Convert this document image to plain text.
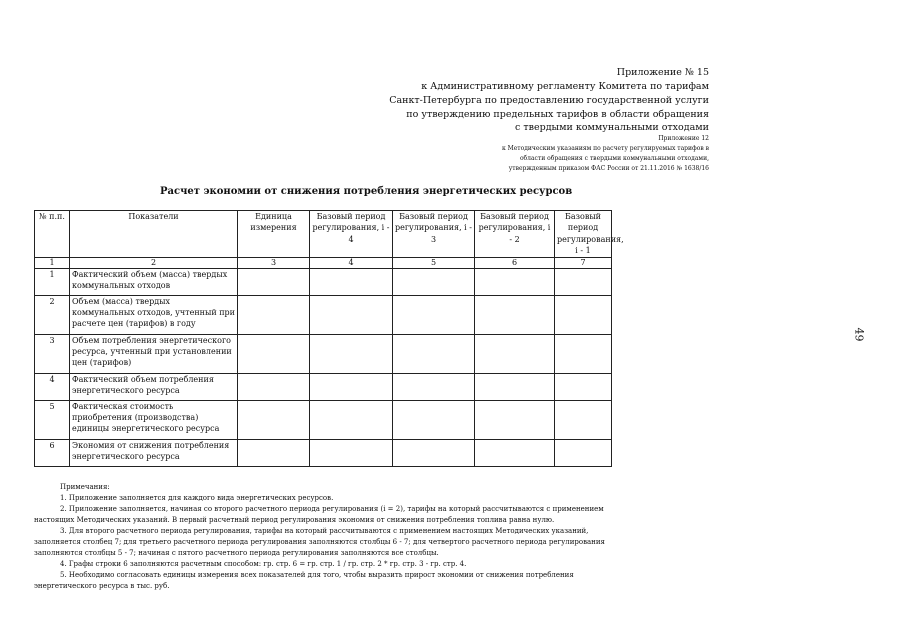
Приложение № 15
к Административному регламенту Комитета по тарифам
Санкт-Петербурга по предоставлению государственной услуги
по утверждению предельных тарифов в области обращения
с твердыми коммунальными отходами
Приложение 12
к Методическим указаниям по расчету регулируемых тарифов в
области обращения с твердыми коммунальными отходами,
утвержденным приказом ФАС России от 21.11.2016 № 1638/16
Расчет экономии от снижения потребления энергетических ресурсов
№ п.п.	Показатели	Единица измерения	Базовый период регулирования, i - 4	Базовый период регулирования, i - 3	Базовый период регулирования, i - 2	Базовый период регулирования, i - 1
1	2	3	4	5	6	7
1	Фактический объем (масса) твердых коммунальных отходов					
2	Объем (масса) твердых коммунальных отходов, учтенный при расчете цен (тарифов) в году					
3	Объем потребления энергетического ресурса, учтенный при установлении цен (тарифов)					
4	Фактический объем потребления энергетического ресурса					
5	Фактическая стоимость приобретения (производства) единицы энергетического ресурса					
6	Экономия от снижения потребления энергетического ресурса					
49

Примечания:

1. Приложение заполняется для каждого вида энергетических ресурсов.

2. Приложение заполняется, начиная со второго расчетного периода регулирования (i = 2), тарифы на который рассчитываются с применением настоящих Методических указаний. В первый расчетный период регулирования экономия от снижения потребления топлива равна нулю.

3. Для второго расчетного периода регулирования, тарифы на который рассчитываются с применением настоящих Методических указаний, заполняется столбец 7; для третьего расчетного периода регулирования заполняются столбцы 6 - 7; для четвертого расчетного периода регулирования заполняются столбцы 5 - 7; начиная с пятого расчетного периода регулирования заполняются все столбцы.

4. Графы строки 6 заполняются расчетным способом: гр. стр. 6 = гр. стр. 1 / гр. стр. 2 * гр. стр. 3 - гр. стр. 4.

5. Необходимо согласовать единицы измерения всех показателей для того, чтобы выразить прирост экономии от снижения потребления энергетического ресурса в тыс. руб.
